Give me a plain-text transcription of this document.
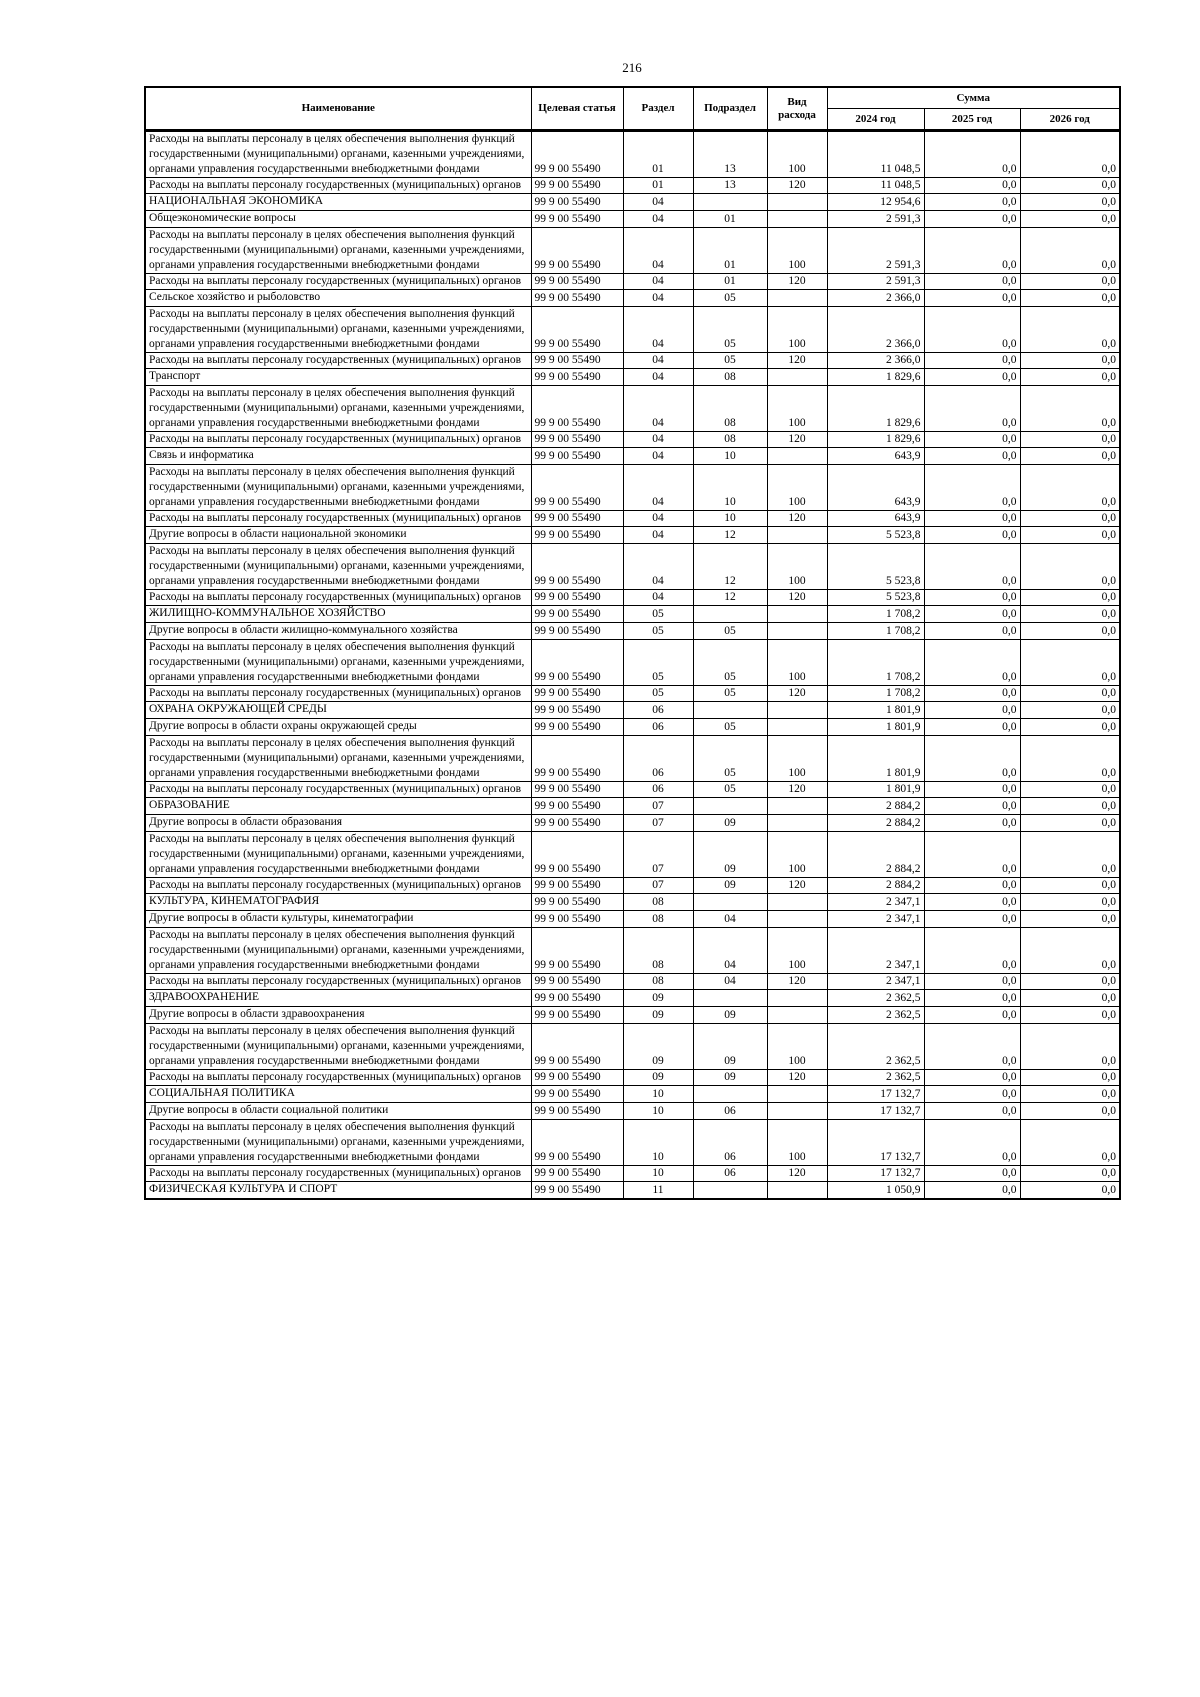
216
Наименование	Целевая статья	Раздел	Подраздел	Вид расхода	Сумма		
					2024 год	2025 год	2026 год
Расходы на выплаты персоналу в целях обеспечения выполнения функций государственными (муниципальными) органами, казенными учреждениями, органами управления государственными внебюджетными фондами	99 9 00 55490	01	13	100	11 048,5	0,0	0,0
Расходы на выплаты персоналу государственных (муниципальных) органов	99 9 00 55490	01	13	120	11 048,5	0,0	0,0
НАЦИОНАЛЬНАЯ ЭКОНОМИКА	99 9 00 55490	04			12 954,6	0,0	0,0
Общеэкономические вопросы	99 9 00 55490	04	01		2 591,3	0,0	0,0
Расходы на выплаты персоналу в целях обеспечения выполнения функций государственными (муниципальными) органами, казенными учреждениями, органами управления государственными внебюджетными фондами	99 9 00 55490	04	01	100	2 591,3	0,0	0,0
Расходы на выплаты персоналу государственных (муниципальных) органов	99 9 00 55490	04	01	120	2 591,3	0,0	0,0
Сельское хозяйство и рыболовство	99 9 00 55490	04	05		2 366,0	0,0	0,0
Расходы на выплаты персоналу в целях обеспечения выполнения функций государственными (муниципальными) органами, казенными учреждениями, органами управления государственными внебюджетными фондами	99 9 00 55490	04	05	100	2 366,0	0,0	0,0
Расходы на выплаты персоналу государственных (муниципальных) органов	99 9 00 55490	04	05	120	2 366,0	0,0	0,0
Транспорт	99 9 00 55490	04	08		1 829,6	0,0	0,0
Расходы на выплаты персоналу в целях обеспечения выполнения функций государственными (муниципальными) органами, казенными учреждениями, органами управления государственными внебюджетными фондами	99 9 00 55490	04	08	100	1 829,6	0,0	0,0
Расходы на выплаты персоналу государственных (муниципальных) органов	99 9 00 55490	04	08	120	1 829,6	0,0	0,0
Связь и информатика	99 9 00 55490	04	10		643,9	0,0	0,0
Расходы на выплаты персоналу в целях обеспечения выполнения функций государственными (муниципальными) органами, казенными учреждениями, органами управления государственными внебюджетными фондами	99 9 00 55490	04	10	100	643,9	0,0	0,0
Расходы на выплаты персоналу государственных (муниципальных) органов	99 9 00 55490	04	10	120	643,9	0,0	0,0
Другие вопросы в области национальной экономики	99 9 00 55490	04	12		5 523,8	0,0	0,0
Расходы на выплаты персоналу в целях обеспечения выполнения функций государственными (муниципальными) органами, казенными учреждениями, органами управления государственными внебюджетными фондами	99 9 00 55490	04	12	100	5 523,8	0,0	0,0
Расходы на выплаты персоналу государственных (муниципальных) органов	99 9 00 55490	04	12	120	5 523,8	0,0	0,0
ЖИЛИЩНО-КОММУНАЛЬНОЕ ХОЗЯЙСТВО	99 9 00 55490	05			1 708,2	0,0	0,0
Другие вопросы в области жилищно-коммунального хозяйства	99 9 00 55490	05	05		1 708,2	0,0	0,0
Расходы на выплаты персоналу в целях обеспечения выполнения функций государственными (муниципальными) органами, казенными учреждениями, органами управления государственными внебюджетными фондами	99 9 00 55490	05	05	100	1 708,2	0,0	0,0
Расходы на выплаты персоналу государственных (муниципальных) органов	99 9 00 55490	05	05	120	1 708,2	0,0	0,0
ОХРАНА ОКРУЖАЮЩЕЙ СРЕДЫ	99 9 00 55490	06			1 801,9	0,0	0,0
Другие вопросы в области охраны окружающей среды	99 9 00 55490	06	05		1 801,9	0,0	0,0
Расходы на выплаты персоналу в целях обеспечения выполнения функций государственными (муниципальными) органами, казенными учреждениями, органами управления государственными внебюджетными фондами	99 9 00 55490	06	05	100	1 801,9	0,0	0,0
Расходы на выплаты персоналу государственных (муниципальных) органов	99 9 00 55490	06	05	120	1 801,9	0,0	0,0
ОБРАЗОВАНИЕ	99 9 00 55490	07			2 884,2	0,0	0,0
Другие вопросы в области образования	99 9 00 55490	07	09		2 884,2	0,0	0,0
Расходы на выплаты персоналу в целях обеспечения выполнения функций государственными (муниципальными) органами, казенными учреждениями, органами управления государственными внебюджетными фондами	99 9 00 55490	07	09	100	2 884,2	0,0	0,0
Расходы на выплаты персоналу государственных (муниципальных) органов	99 9 00 55490	07	09	120	2 884,2	0,0	0,0
КУЛЬТУРА, КИНЕМАТОГРАФИЯ	99 9 00 55490	08			2 347,1	0,0	0,0
Другие вопросы в области культуры, кинематографии	99 9 00 55490	08	04		2 347,1	0,0	0,0
Расходы на выплаты персоналу в целях обеспечения выполнения функций государственными (муниципальными) органами, казенными учреждениями, органами управления государственными внебюджетными фондами	99 9 00 55490	08	04	100	2 347,1	0,0	0,0
Расходы на выплаты персоналу государственных (муниципальных) органов	99 9 00 55490	08	04	120	2 347,1	0,0	0,0
ЗДРАВООХРАНЕНИЕ	99 9 00 55490	09			2 362,5	0,0	0,0
Другие вопросы в области здравоохранения	99 9 00 55490	09	09		2 362,5	0,0	0,0
Расходы на выплаты персоналу в целях обеспечения выполнения функций государственными (муниципальными) органами, казенными учреждениями, органами управления государственными внебюджетными фондами	99 9 00 55490	09	09	100	2 362,5	0,0	0,0
Расходы на выплаты персоналу государственных (муниципальных) органов	99 9 00 55490	09	09	120	2 362,5	0,0	0,0
СОЦИАЛЬНАЯ ПОЛИТИКА	99 9 00 55490	10			17 132,7	0,0	0,0
Другие вопросы в области социальной политики	99 9 00 55490	10	06		17 132,7	0,0	0,0
Расходы на выплаты персоналу в целях обеспечения выполнения функций государственными (муниципальными) органами, казенными учреждениями, органами управления государственными внебюджетными фондами	99 9 00 55490	10	06	100	17 132,7	0,0	0,0
Расходы на выплаты персоналу государственных (муниципальных) органов	99 9 00 55490	10	06	120	17 132,7	0,0	0,0
ФИЗИЧЕСКАЯ КУЛЬТУРА И СПОРТ	99 9 00 55490	11			1 050,9	0,0	0,0
